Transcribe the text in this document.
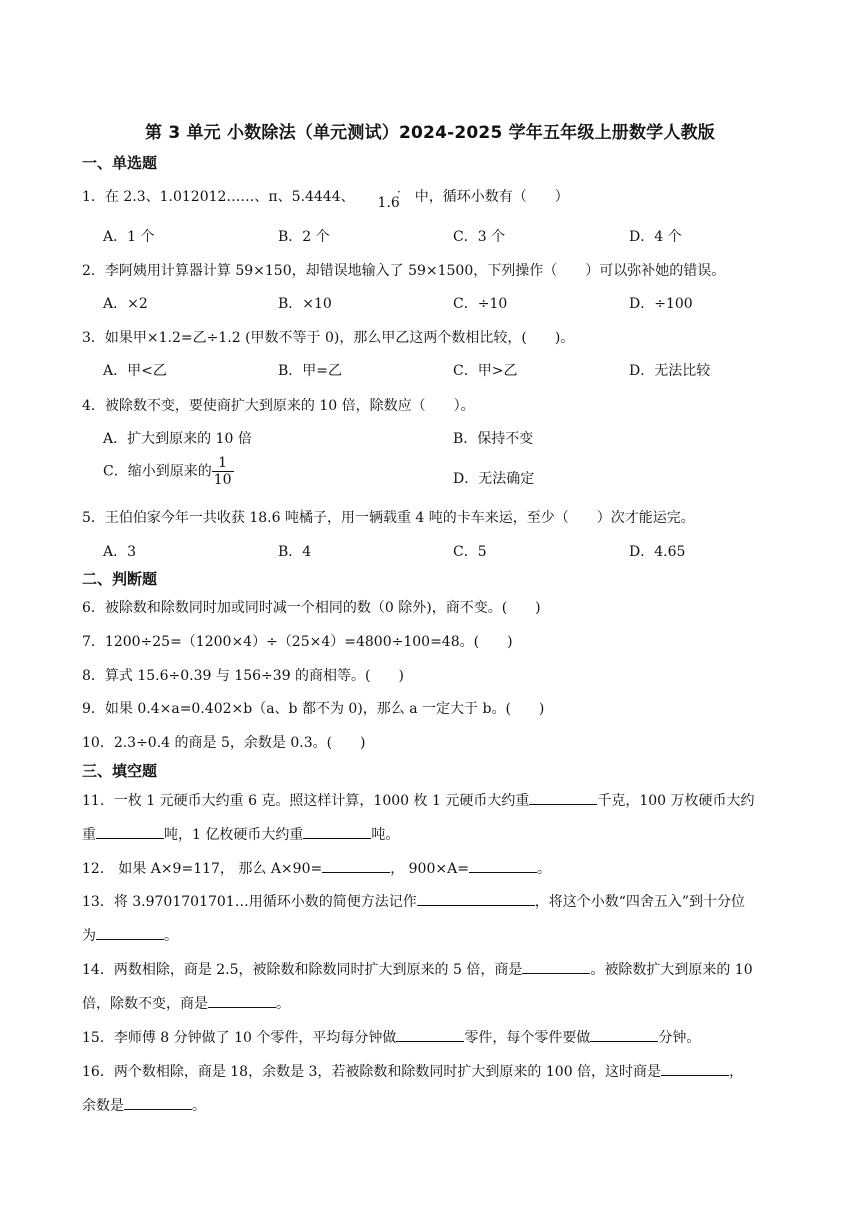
第 3 单元 小数除法（单元测试）2024-2025 学年五年级上册数学人教版
一、单选题
1．在 2.3、1.012012……、π、5.4444、 1.6
· 中，循环小数有（　　）
A．1 个	B．2 个	C．3 个	D．4 个
2．李阿姨用计算器计算 59×150，却错误地输入了 59×1500，下列操作（　　）可以弥补她的错误。
A．×2	B．×10	C．÷10	D．÷100
3．如果甲×1.2=乙÷1.2 (甲数不等于 0)，那么甲乙这两个数相比较，(　　)。
A．甲<乙	B．甲=乙	C．甲>乙	D．无法比较
4．被除数不变，要使商扩大到原来的 10 倍，除数应（　　）。
A．扩大到原来的 10 倍	B．保持不变
C．缩小到原来的 $\frac{1}{10}$	D．无法确定
5．王伯伯家今年一共收获 18.6 吨橘子，用一辆载重 4 吨的卡车来运，至少（　　）次才能运完。
A．3	B．4	C．5	D．4.65
二、判断题
6．被除数和除数同时加或同时减一个相同的数（0 除外)，商不变。(　　)
7．1200÷25=（1200×4）÷（25×4）=4800÷100=48。(　　)
8．算式 15.6÷0.39 与 156÷39 的商相等。(　　)
9．如果 0.4×a=0.402×b（a、b 都不为 0)，那么 a 一定大于 b。(　　)
10．2.3÷0.4 的商是 5，余数是 0.3。(　　)
三、填空题
11．一枚 1 元硬币大约重 6 克。照这样计算，1000 枚 1 元硬币大约重	千克，100 万枚硬币大约
重	吨，1 亿枚硬币大约重	吨。
12． 如果 A×9=117， 那么 A×90=	， 900×A=	。
13．将 3.9701701701…用循环小数的简便方法记作	，将这个小数“四舍五入”到十分位
为	。
14．两数相除，商是 2.5，被除数和除数同时扩大到原来的 5 倍，商是	。被除数扩大到原来的 10
倍，除数不变，商是	。
15．李师傅 8 分钟做了 10 个零件，平均每分钟做	零件，每个零件要做	分钟。
16．两个数相除，商是 18，余数是 3，若被除数和除数同时扩大到原来的 100 倍，这时商是	，
余数是	。
